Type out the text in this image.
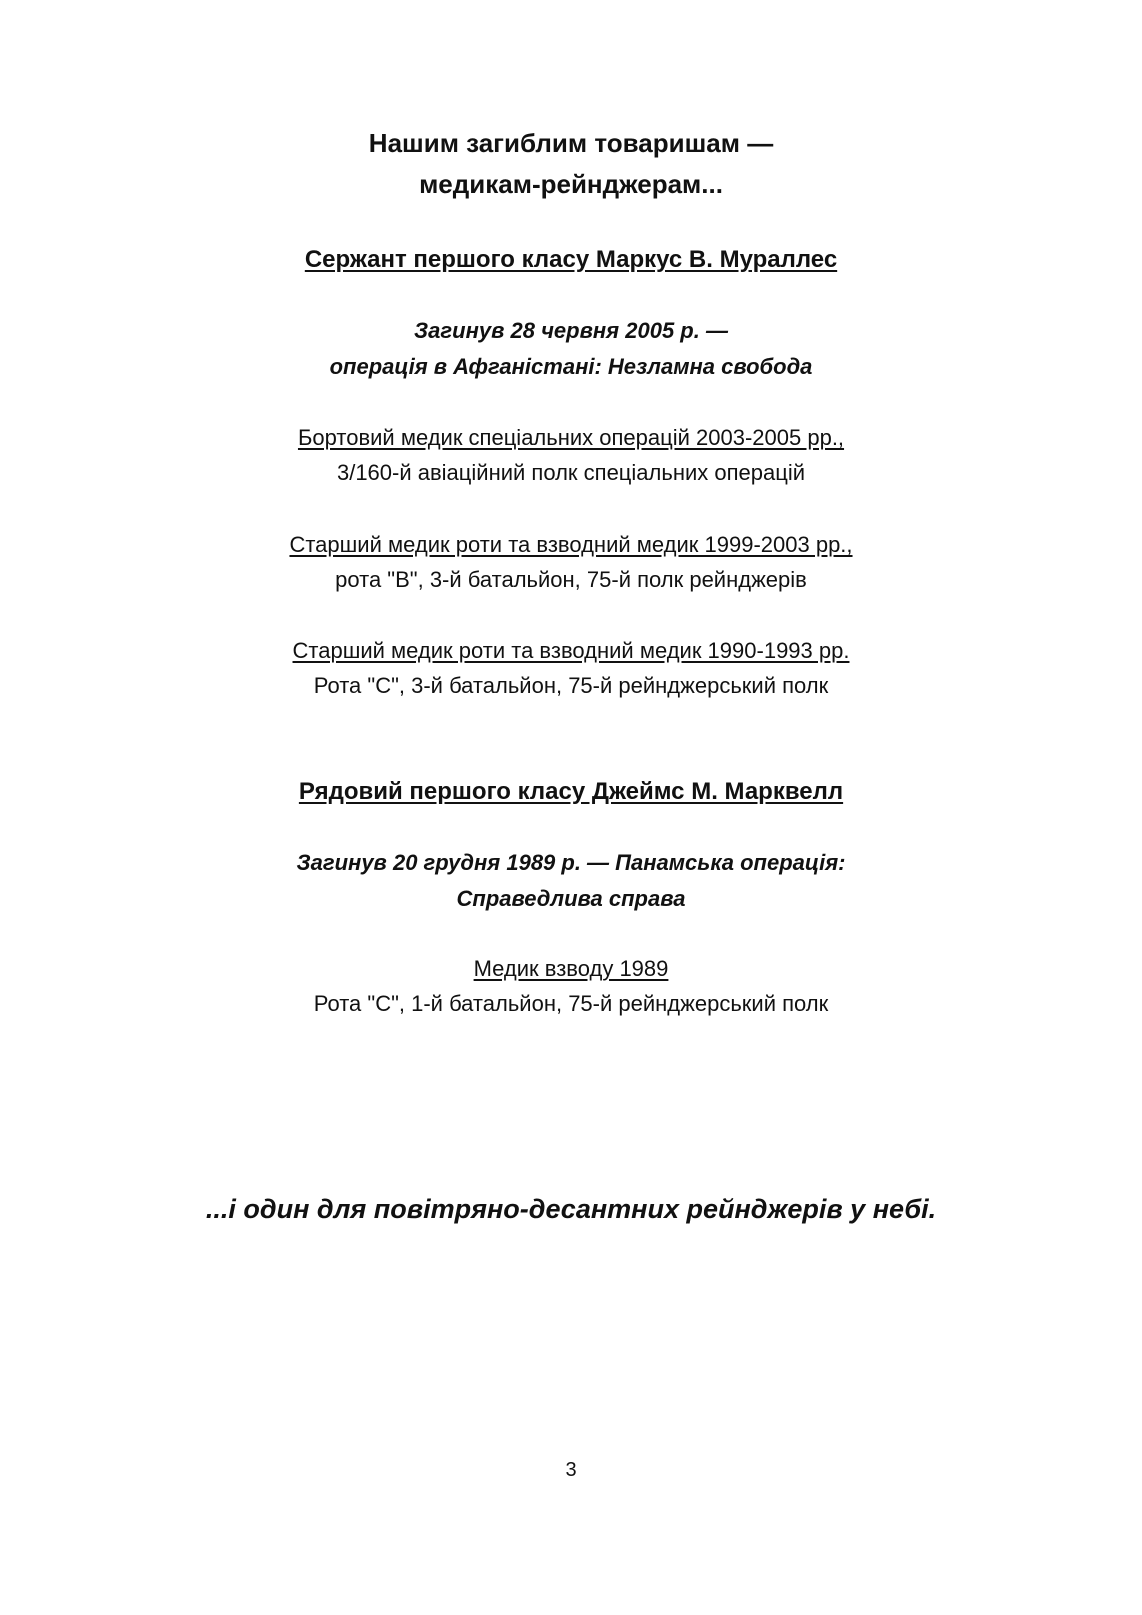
Нашим загиблим товаришам —
медикам-рейнджерам...
Сержант першого класу Маркус В. Мураллес
Загинув 28 червня 2005 р. —
операція в Афганістані: Незламна свобода
Бортовий медик спеціальних операцій 2003-2005 рр.,
3/160-й авіаційний полк спеціальних операцій
Старший медик роти та взводний медик 1999-2003 рр.,
рота "В", 3-й батальйон, 75-й полк рейнджерів
Старший медик роти та взводний медик 1990-1993 рр.
Рота "С", 3-й батальйон, 75-й рейнджерський полк
Рядовий першого класу Джеймс М. Марквелл
Загинув 20 грудня 1989 р. — Панамська операція:
Справедлива справа
Медик взводу 1989
Рота "С", 1-й батальйон, 75-й рейнджерський полк
...і один для повітряно-десантних рейнджерів у небі.
3
